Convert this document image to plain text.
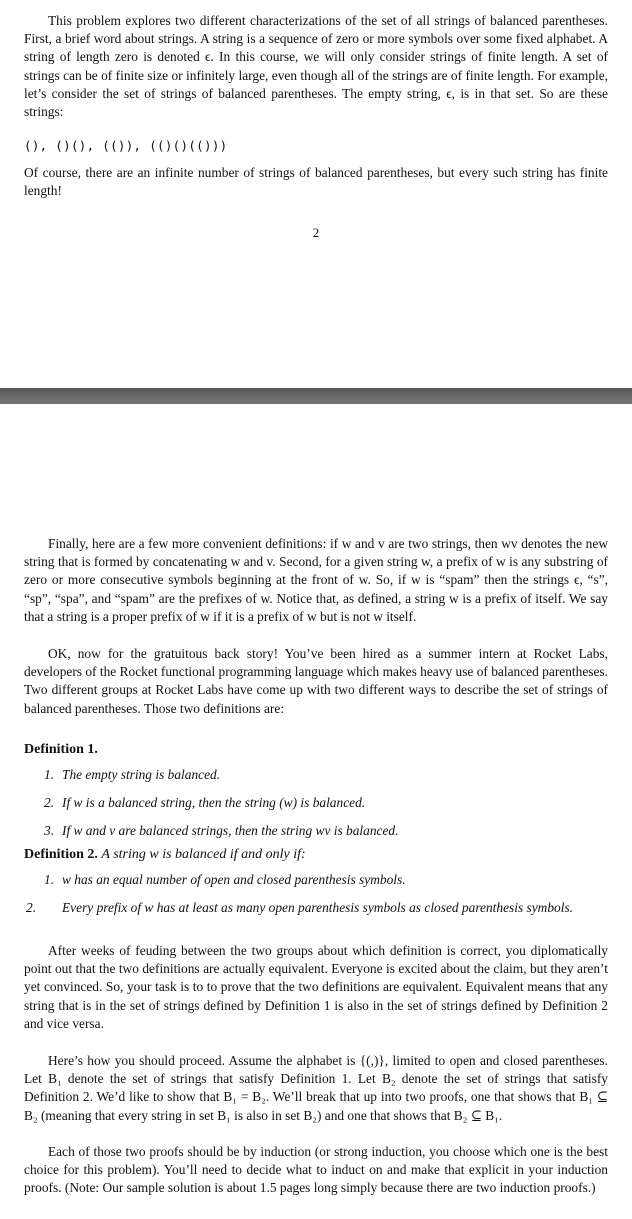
This problem explores two different characterizations of the set of all strings of balanced parentheses. First, a brief word about strings. A string is a sequence of zero or more symbols over some fixed alphabet. A string of length zero is denoted ϵ. In this course, we will only consider strings of finite length. A set of strings can be of finite size or infinitely large, even though all of the strings are of finite length. For example, let’s consider the set of strings of balanced parentheses. The empty string, ϵ, is in that set. So are these strings:
(), ()(), (()), (()()(()))
Of course, there are an infinite number of strings of balanced parentheses, but every such string has finite length!
2
Finally, here are a few more convenient definitions: if w and v are two strings, then wv denotes the new string that is formed by concatenating w and v. Second, for a given string w, a prefix of w is any substring of zero or more consecutive symbols beginning at the front of w. So, if w is “spam” then the strings ϵ, “s”, “sp”, “spa”, and “spam” are the prefixes of w. Notice that, as defined, a string w is a prefix of itself. We say that a string is a proper prefix of w if it is a prefix of w but is not w itself.
OK, now for the gratuitous back story! You’ve been hired as a summer intern at Rocket Labs, developers of the Rocket functional programming language which makes heavy use of balanced parentheses. Two different groups at Rocket Labs have come up with two different ways to describe the set of strings of balanced parentheses. Those two definitions are:
Definition 1.
1. The empty string is balanced.
2. If w is a balanced string, then the string (w) is balanced.
3. If w and v are balanced strings, then the string wv is balanced.
Definition 2. A string w is balanced if and only if:
1. w has an equal number of open and closed parenthesis symbols.
2. Every prefix of w has at least as many open parenthesis symbols as closed parenthesis symbols.
After weeks of feuding between the two groups about which definition is correct, you diplomatically point out that the two definitions are actually equivalent. Everyone is excited about the claim, but they aren’t yet convinced. So, your task is to to prove that the two definitions are equivalent. Equivalent means that any string that is in the set of strings defined by Definition 1 is also in the set of strings defined by Definition 2 and vice versa.
Here’s how you should proceed. Assume the alphabet is {(,)}, limited to open and closed parentheses. Let B₁ denote the set of strings that satisfy Definition 1. Let B₂ denote the set of strings that satisfy Definition 2. We’d like to show that B₁ = B₂. We’ll break that up into two proofs, one that shows that B₁ ⊆ B₂ (meaning that every string in set B₁ is also in set B₂) and one that shows that B₂ ⊆ B₁.
Each of those two proofs should be by induction (or strong induction, you choose which one is the best choice for this problem). You’ll need to decide what to induct on and make that explicit in your induction proofs. (Note: Our sample solution is about 1.5 pages long simply because there are two induction proofs.)
